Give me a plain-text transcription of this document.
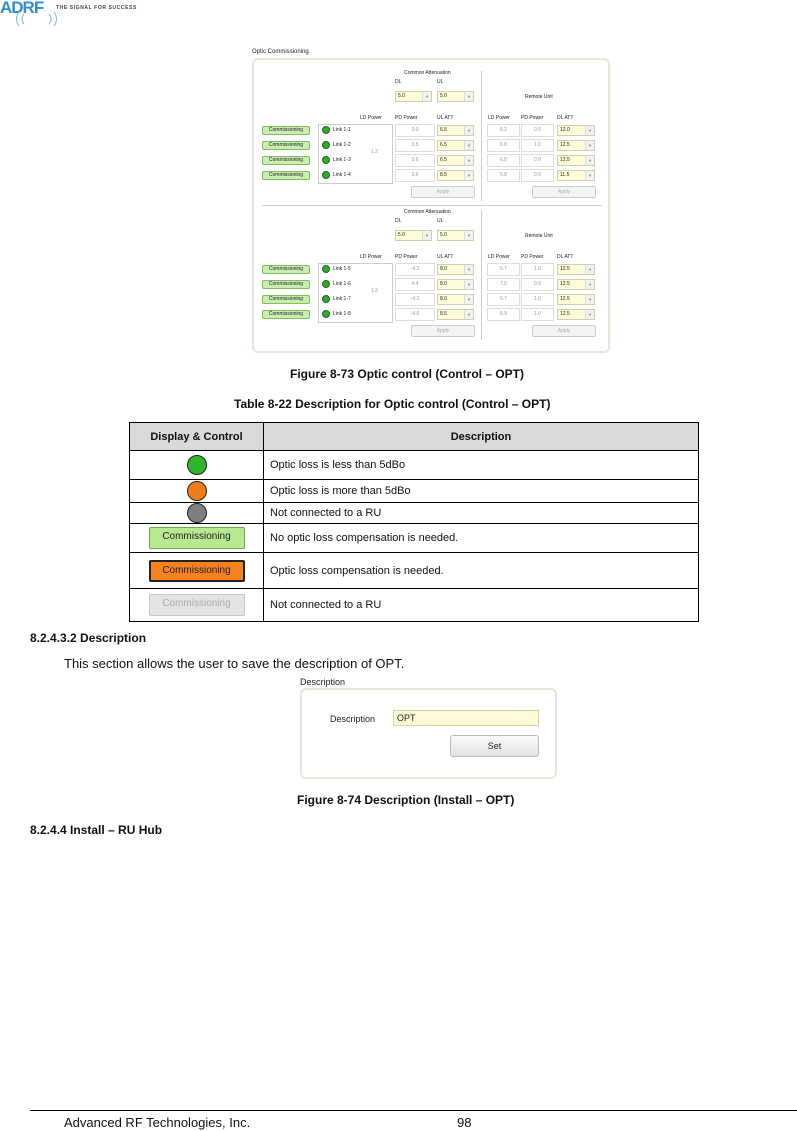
ADRF	THE SIGNAL FOR SUCCESS
Optic Commissioning
Common Attenuation
DL	UL
5.0	▼	5.0	▼	Remote Unit
LD Power	PD Power	UL ATT	LD Power PD Power	DL ATT
1.2
Commissioning	Link 1-1	3.0	6.5	▼	6.2	0.6	12.0	▼
Commissioning	Link 1-2	3.5	6.5	▼	6.8	1.0	12.5	▼
Commissioning	Link 1-3	3.6	6.5	▼	6.8	0.9	12.5	▼
Commissioning	Link 1-4	3.6	8.5	▼	5.8	0.5	11.5	▼
Apply	Apply
Common Attenuation
DL	UL
5.0	▼	5.0	▼	Remote Unit
LD Power	PD Power	UL ATT	LD Power PD Power	DL ATT
1.2
Commissioning	Link 1-5	-4.3	8.0	▼	6.7	1.0	12.5	▼
Commissioning	Link 1-6	4.4	8.0	▼	7.0	0.9	12.5	▼
Commissioning	Link 1-7	-4.3	8.0	▼	6.7	1.0	12.5	▼
Commissioning	Link 1-8	-4.6	8.5	▼	6.9	1.0	12.5	▼
Apply	Apply
Figure 8-73 Optic control (Control – OPT)
Table 8-22 Description for Optic control (Control – OPT)
Display & Control	Description
	Optic loss is less than 5dBo
	Optic loss is more than 5dBo
	Not connected to a RU
Commissioning	No optic loss compensation is needed.
Commissioning	Optic loss compensation is needed.
Commissioning	Not connected to a RU
8.2.4.3.2 Description
This section allows the user to save the description of OPT.
Description
Description	OPT
Set
Figure 8-74 Description (Install – OPT)
8.2.4.4 Install – RU Hub
Advanced RF Technologies, Inc.	98
